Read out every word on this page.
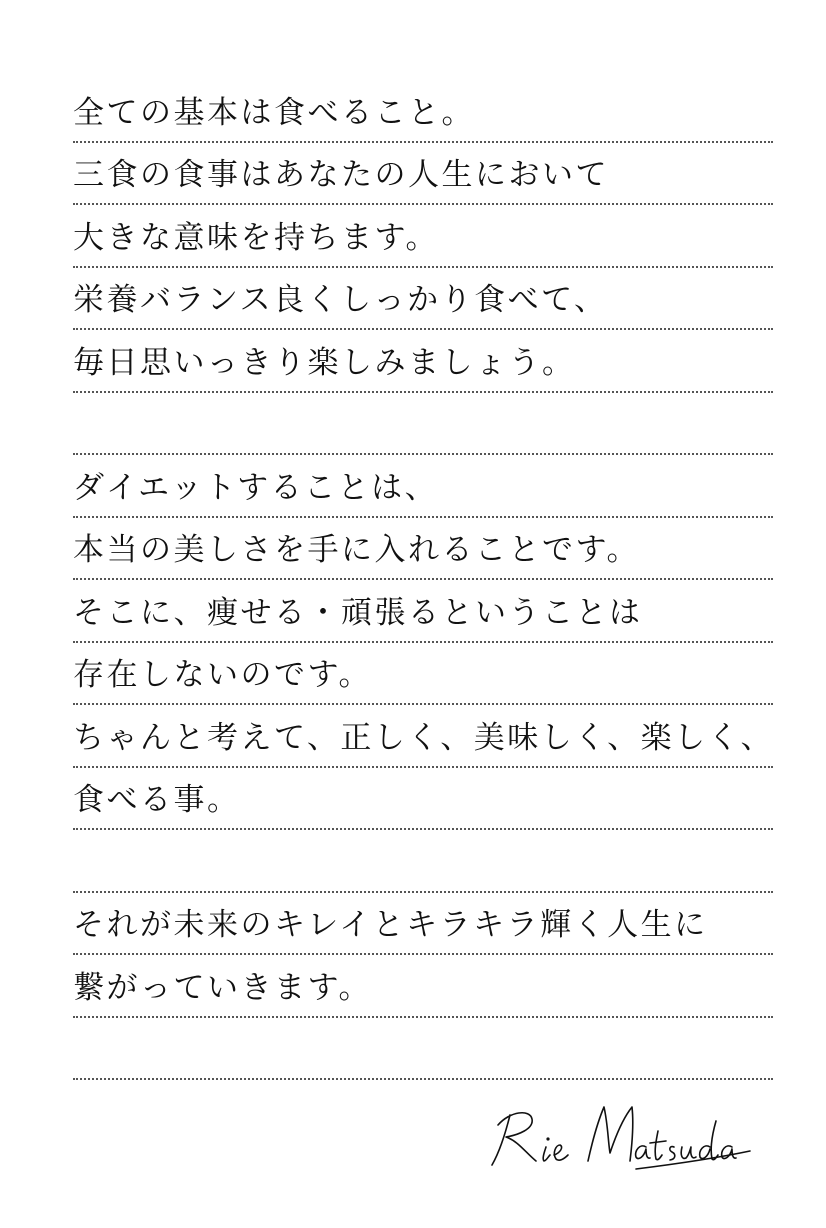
全ての基本は食べること。
三食の食事はあなたの人生において
大きな意味を持ちます。
栄養バランス良くしっかり食べて、
毎日思いっきり楽しみましょう。
ダイエットすることは、
本当の美しさを手に入れることです。
そこに、痩せる・頑張るということは
存在しないのです。
ちゃんと考えて、正しく、美味しく、楽しく、
食べる事。
それが未来のキレイとキラキラ輝く人生に
繋がっていきます。
